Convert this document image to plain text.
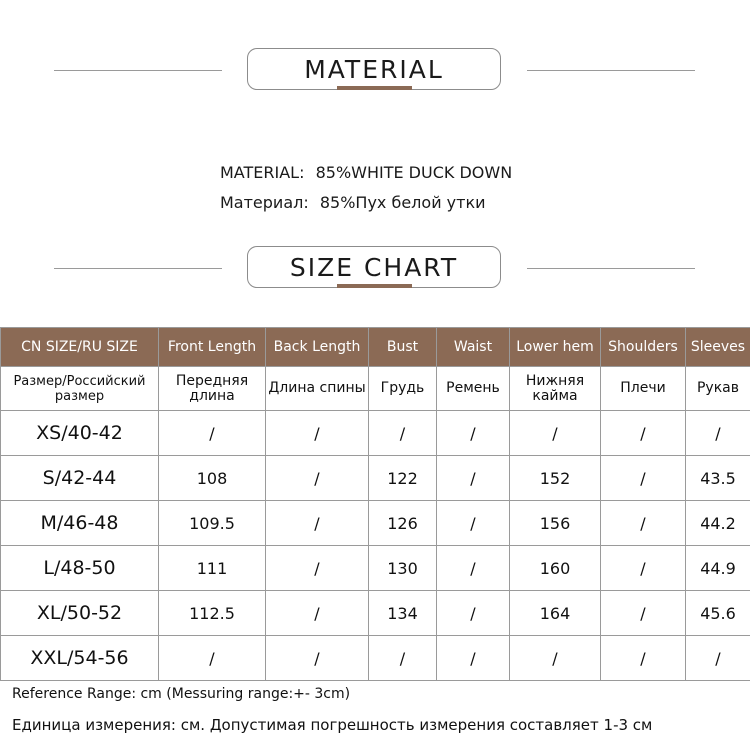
MATERIAL
MATERIAL: 85%WHITE DUCK DOWN
Материал: 85%Пух белой утки
SIZE CHART
CN SIZE/RU SIZE	Front Length	Back Length	Bust	Waist	Lower hem	Shoulders	Sleeves
Размер/Российский размер	Передняя длина	Длина спины	Грудь	Ремень	Нижняя кайма	Плечи	Рукав
XS/40-42	/	/	/	/	/	/	/
S/42-44	108	/	122	/	152	/	43.5
M/46-48	109.5	/	126	/	156	/	44.2
L/48-50	111	/	130	/	160	/	44.9
XL/50-52	112.5	/	134	/	164	/	45.6
XXL/54-56	/	/	/	/	/	/	/
Reference Range: cm (Messuring range:+- 3cm)
Единица измерения: см. Допустимая погрешность измерения составляет 1-3 см
